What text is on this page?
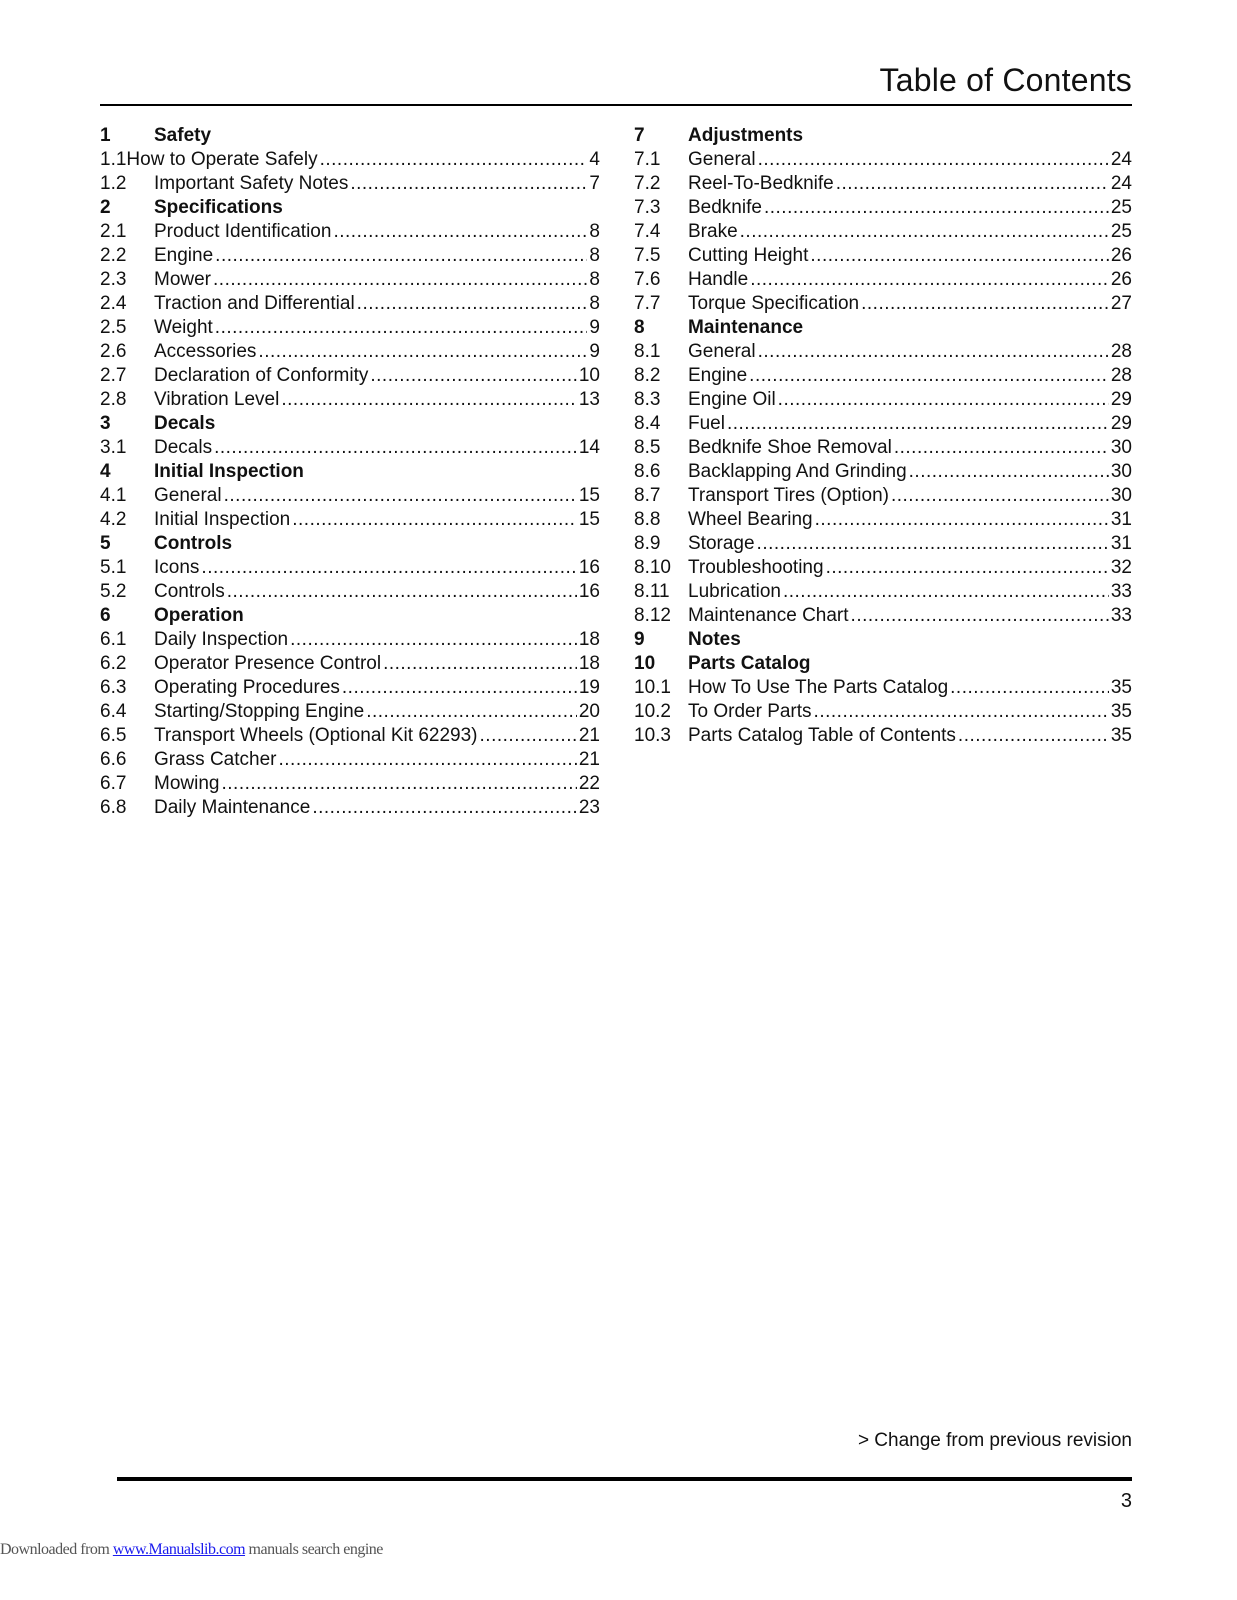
Table of Contents
1	Safety
1.1 How to Operate Safely .....	4
1.2	Important Safety Notes .....	7
2	Specifications
2.1	Product Identification .....	8
2.2	Engine .....	8
2.3	Mower .....	8
2.4	Traction and Differential .....	8
2.5	Weight .....	9
2.6	Accessories .....	9
2.7	Declaration of Conformity .....	10
2.8	Vibration Level .....	13
3	Decals
3.1	Decals .....	14
4	Initial Inspection
4.1	General .....	15
4.2	Initial Inspection .....	15
5	Controls
5.1	Icons .....	16
5.2	Controls .....	16
6	Operation
6.1	Daily Inspection .....	18
6.2	Operator Presence Control .....	18
6.3	Operating Procedures .....	19
6.4	Starting/Stopping Engine .....	20
6.5	Transport Wheels (Optional Kit 62293) .....	21
6.6	Grass Catcher .....	21
6.7	Mowing .....	22
6.8	Daily Maintenance .....	23
7	Adjustments
7.1	General .....	24
7.2	Reel-To-Bedknife .....	24
7.3	Bedknife .....	25
7.4	Brake .....	25
7.5	Cutting Height .....	26
7.6	Handle .....	26
7.7	Torque Specification .....	27
8	Maintenance
8.1	General .....	28
8.2	Engine .....	28
8.3	Engine Oil .....	29
8.4	Fuel .....	29
8.5	Bedknife Shoe Removal .....	30
8.6	Backlapping And Grinding .....	30
8.7	Transport Tires (Option) .....	30
8.8	Wheel Bearing .....	31
8.9	Storage .....	31
8.10 Troubleshooting .....	32
8.11 Lubrication .....	33
8.12 Maintenance Chart .....	33
9	Notes
10	Parts Catalog
10.1 How To Use The Parts Catalog .....	35
10.2 To Order Parts .....	35
10.3 Parts Catalog Table of Contents .....	35
> Change from previous revision
3
Downloaded from www.Manualslib.com manuals search engine
